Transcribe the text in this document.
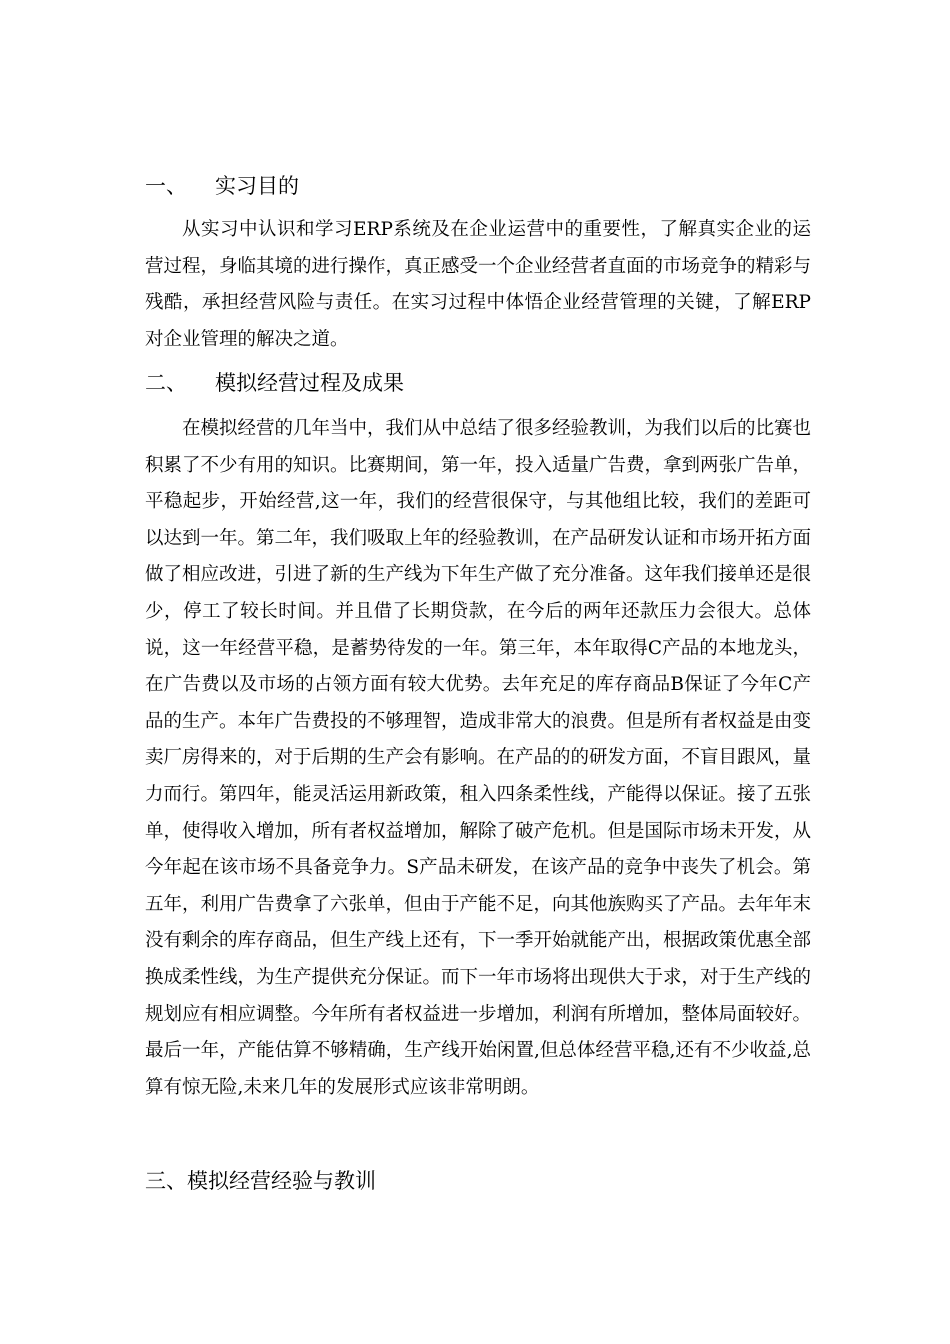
一、 实习目的

从实习中认识和学习ERP系统及在企业运营中的重要性，了解真实企业的运营过程，身临其境的进行操作，真正感受一个企业经营者直面的市场竞争的精彩与残酷，承担经营风险与责任。在实习过程中体悟企业经营管理的关键，了解ERP对企业管理的解决之道。

二、 模拟经营过程及成果

在模拟经营的几年当中，我们从中总结了很多经验教训，为我们以后的比赛也积累了不少有用的知识。比赛期间，第一年，投入适量广告费，拿到两张广告单，平稳起步，开始经营,这一年，我们的经营很保守，与其他组比较，我们的差距可以达到一年。第二年，我们吸取上年的经验教训，在产品研发认证和市场开拓方面做了相应改进，引进了新的生产线为下年生产做了充分准备。这年我们接单还是很少，停工了较长时间。并且借了长期贷款，在今后的两年还款压力会很大。总体说，这一年经营平稳，是蓄势待发的一年。第三年，本年取得C产品的本地龙头，在广告费以及市场的占领方面有较大优势。去年充足的库存商品B保证了今年C产品的生产。本年广告费投的不够理智，造成非常大的浪费。但是所有者权益是由变卖厂房得来的，对于后期的生产会有影响。在产品的的研发方面，不盲目跟风，量力而行。第四年，能灵活运用新政策，租入四条柔性线，产能得以保证。接了五张单，使得收入增加，所有者权益增加，解除了破产危机。但是国际市场未开发，从今年起在该市场不具备竞争力。S产品未研发，在该产品的竞争中丧失了机会。第五年，利用广告费拿了六张单，但由于产能不足，向其他族购买了产品。去年年末没有剩余的库存商品，但生产线上还有，下一季开始就能产出，根据政策优惠全部换成柔性线，为生产提供充分保证。而下一年市场将出现供大于求，对于生产线的规划应有相应调整。今年所有者权益进一步增加，利润有所增加，整体局面较好。最后一年，产能估算不够精确，生产线开始闲置,但总体经营平稳,还有不少收益,总算有惊无险,未来几年的发展形式应该非常明朗。

三、模拟经营经验与教训
